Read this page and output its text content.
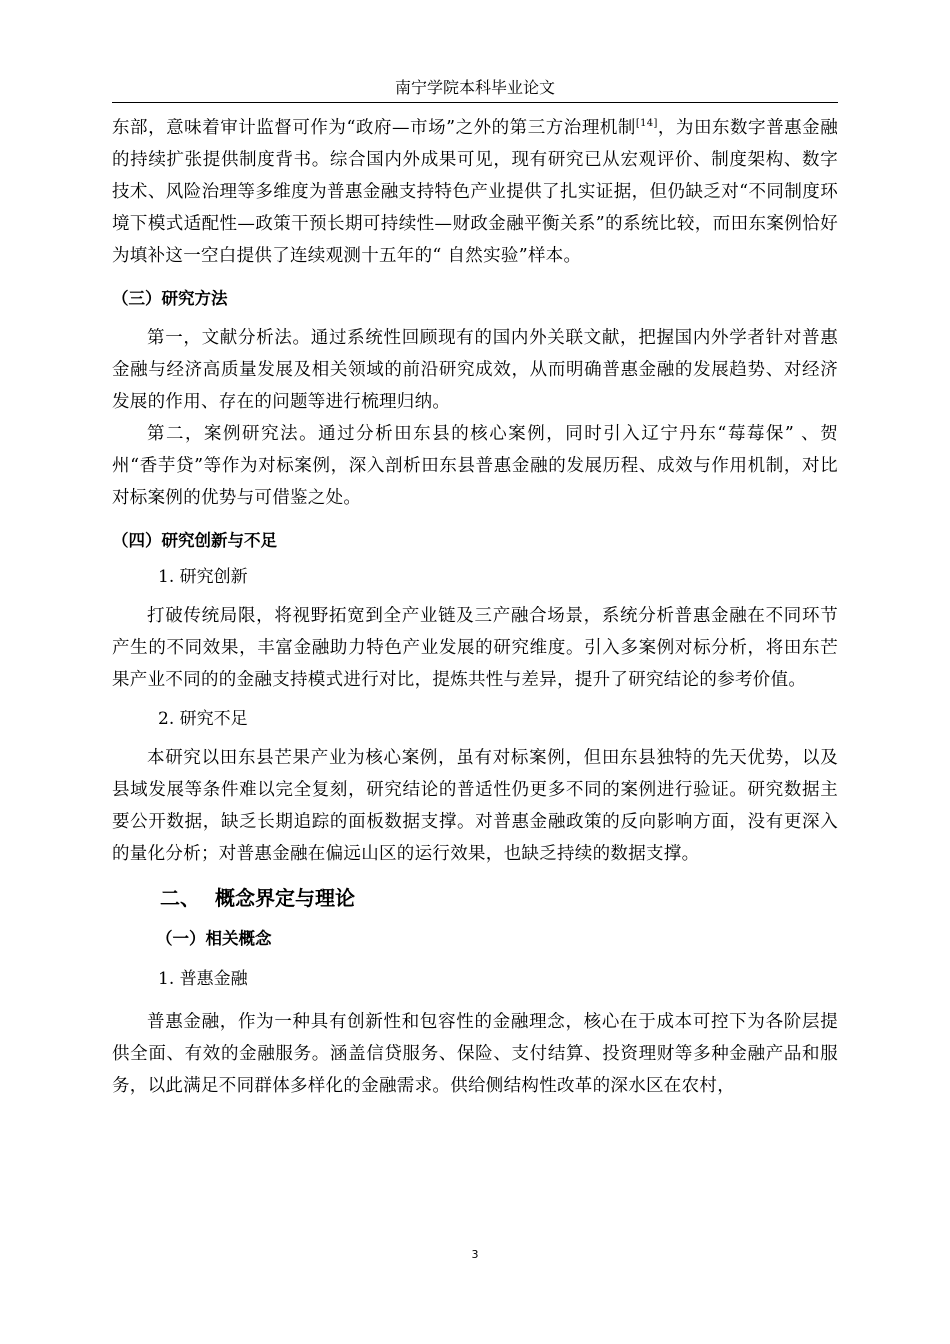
南宁学院本科毕业论文

东部，意味着审计监督可作为“政府—市场”之外的第三方治理机制[14]，为田东数字普惠金融的持续扩张提供制度背书。综合国内外成果可见，现有研究已从宏观评价、制度架构、数字技术、风险治理等多维度为普惠金融支持特色产业提供了扎实证据，但仍缺乏对“不同制度环境下模式适配性—政策干预长期可持续性—财政金融平衡关系”的系统比较，而田东案例恰好为填补这一空白提供了连续观测十五年的“ 自然实验”样本。

（三）研究方法

第一，文献分析法。通过系统性回顾现有的国内外关联文献，把握国内外学者针对普惠金融与经济高质量发展及相关领域的前沿研究成效，从而明确普惠金融的发展趋势、对经济发展的作用、存在的问题等进行梳理归纳。

第二，案例研究法。通过分析田东县的核心案例，同时引入辽宁丹东“莓莓保” 、贺州“香芋贷”等作为对标案例，深入剖析田东县普惠金融的发展历程、成效与作用机制，对比对标案例的优势与可借鉴之处。

（四）研究创新与不足
1. 研究创新

打破传统局限，将视野拓宽到全产业链及三产融合场景，系统分析普惠金融在不同环节产生的不同效果，丰富金融助力特色产业发展的研究维度。引入多案例对标分析，将田东芒果产业不同的的金融支持模式进行对比，提炼共性与差异，提升了研究结论的参考价值。

2. 研究不足

本研究以田东县芒果产业为核心案例，虽有对标案例，但田东县独特的先天优势，以及县域发展等条件难以完全复刻，研究结论的普适性仍更多不同的案例进行验证。研究数据主要公开数据，缺乏长期追踪的面板数据支撑。对普惠金融政策的反向影响方面，没有更深入的量化分析；对普惠金融在偏远山区的运行效果，也缺乏持续的数据支撑。

二、 概念界定与理论
（一）相关概念
1. 普惠金融

普惠金融，作为一种具有创新性和包容性的金融理念，核心在于成本可控下为各阶层提供全面、有效的金融服务。涵盖信贷服务、保险、支付结算、投资理财等多种金融产品和服务，以此满足不同群体多样化的金融需求。供给侧结构性改革的深水区在农村，

3
